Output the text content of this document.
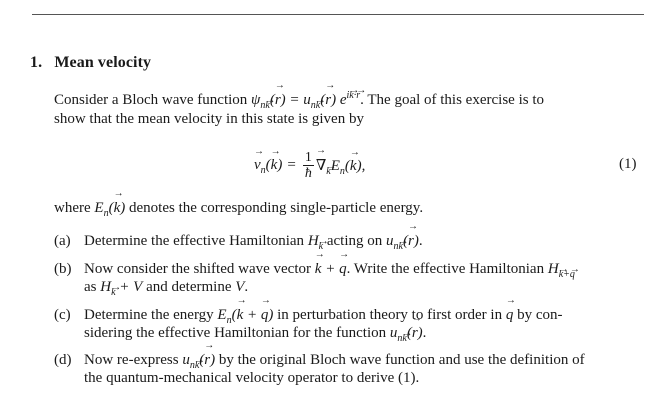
1. Mean velocity
Consider a Bloch wave function $\psi_{nk}(\to r) = u_{nk}(\to r)$ $e^{ik\cdot r}$. The goal of this exercise is to
show that the mean velocity in this state is given by
→ $v_n(\to k) = \frac{1}{ħ}$
→ $\nabla_kE_n(\to k)$,	(1)
where $E_n(\to k)$ denotes the corresponding single-particle energy.
(a) Determine the effective Hamiltonian $H_k$ acting on $u_{nk}(\to r)$.
(b) Now consider the shifted wave vector → k + → q. Write the effective Hamiltonian $H_{k+q}$
as $H_k + V$ and determine V.
(c) Determine the energy $E_n(\to k$ + → q) in perturbation theory to first order in → q by con-
sidering the effective Hamiltonian for the function $u_{nk}(\to r)$.
(d) Now re-express $u_{nk}(\to r)$ by the original Bloch wave function and use the definition of
the quantum-mechanical velocity operator to derive (1).
